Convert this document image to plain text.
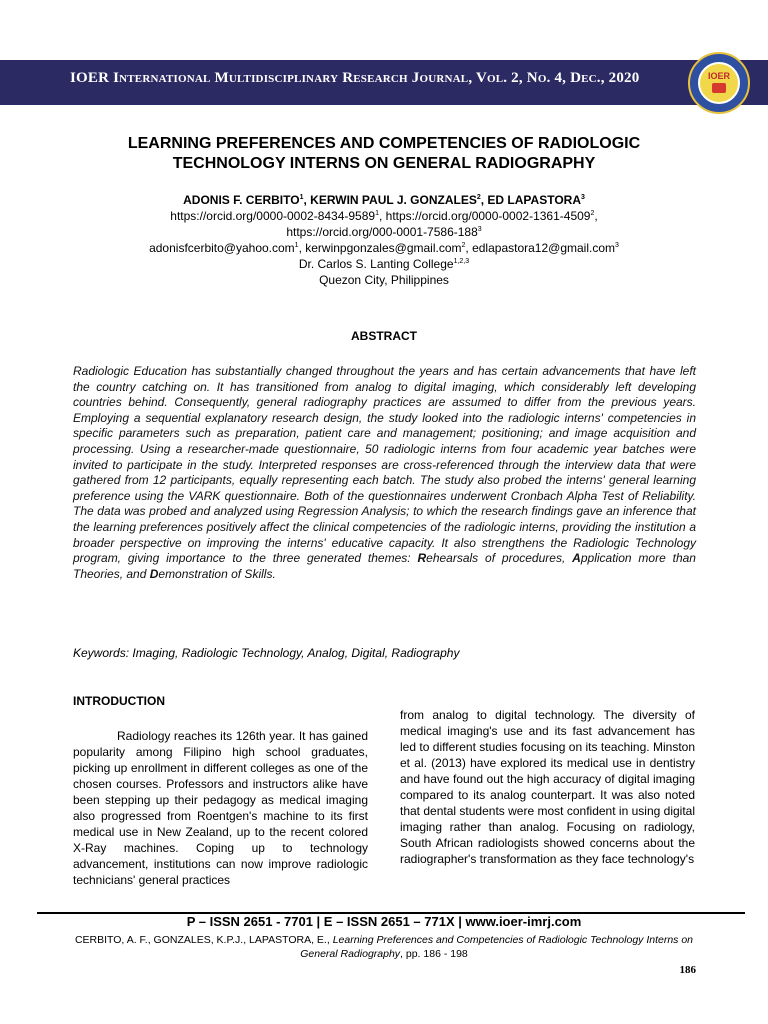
IOER International Multidisciplinary Research Journal, Vol. 2, No. 4, Dec., 2020	IOER
LEARNING PREFERENCES AND COMPETENCIES OF RADIOLOGIC
TECHNOLOGY INTERNS ON GENERAL RADIOGRAPHY
ADONIS F. CERBITO$^1$, KERWIN PAUL J. GONZALES$^2$, ED LAPASTORA$^3$
https://orcid.org/0000-0002-8434-9589$^1$, https://orcid.org/0000-0002-1361-4509$^2$,
$https://orcid.org/000-0001-7586-188^3$
adonisfcerbito@yahoo.com$^1$, kerwinpgonzales@gmail.com$^2$, edlapastora12@gmail.com$^3$
Dr. Carlos S. Lanting College$^{1,2,3}$
Quezon City, Philippines
ABSTRACT
Radiologic Education has substantially changed throughout the years and has certain advancements that have left the country catching on. It has transitioned from analog to digital imaging, which considerably left developing countries behind. Consequently, general radiography practices are assumed to differ from the previous years. Employing a sequential explanatory research design, the study looked into the radiologic interns' competencies in specific parameters such as preparation, patient care and management; positioning; and image acquisition and processing. Using a researcher-made questionnaire, 50 radiologic interns from four academic year batches were invited to participate in the study. Interpreted responses are cross-referenced through the interview data that were gathered from 12 participants, equally representing each batch. The study also probed the interns' general learning preference using the VARK questionnaire. Both of the questionnaires underwent Cronbach Alpha Test of Reliability. The data was probed and analyzed using Regression Analysis; to which the research findings gave an inference that the learning preferences positively affect the clinical competencies of the radiologic interns, providing the institution a broader perspective on improving the interns' educative capacity. It also strengthens the Radiologic Technology program, giving importance to the three generated themes: Rehearsals of procedures, Application more than Theories, and Demonstration of Skills.
Keywords: Imaging, Radiologic Technology, Analog, Digital, Radiography
INTRODUCTION
Radiology reaches its 126th year. It has gained popularity among Filipino high school graduates, picking up enrollment in different colleges as one of the chosen courses. Professors and instructors alike have been stepping up their pedagogy as medical imaging also progressed from Roentgen's machine to its first medical use in New Zealand, up to the recent colored X-Ray machines. Coping up to technology advancement, institutions can now improve radiologic technicians' general practices
from analog to digital technology. The diversity of medical imaging's use and its fast advancement has led to different studies focusing on its teaching. Minston et al. (2013) have explored its medical use in dentistry and have found out the high accuracy of digital imaging compared to its analog counterpart. It was also noted that dental students were most confident in using digital imaging rather than analog. Focusing on radiology, South African radiologists showed concerns about the radiographer's transformation as they face technology's
P – ISSN 2651 - 7701 | E – ISSN 2651 – 771X | www.ioer-imrj.com
CERBITO, A. F., GONZALES, K.P.J., LAPASTORA, E., Learning Preferences and Competencies of Radiologic Technology Interns on General Radiography, pp. 186 - 198
186
